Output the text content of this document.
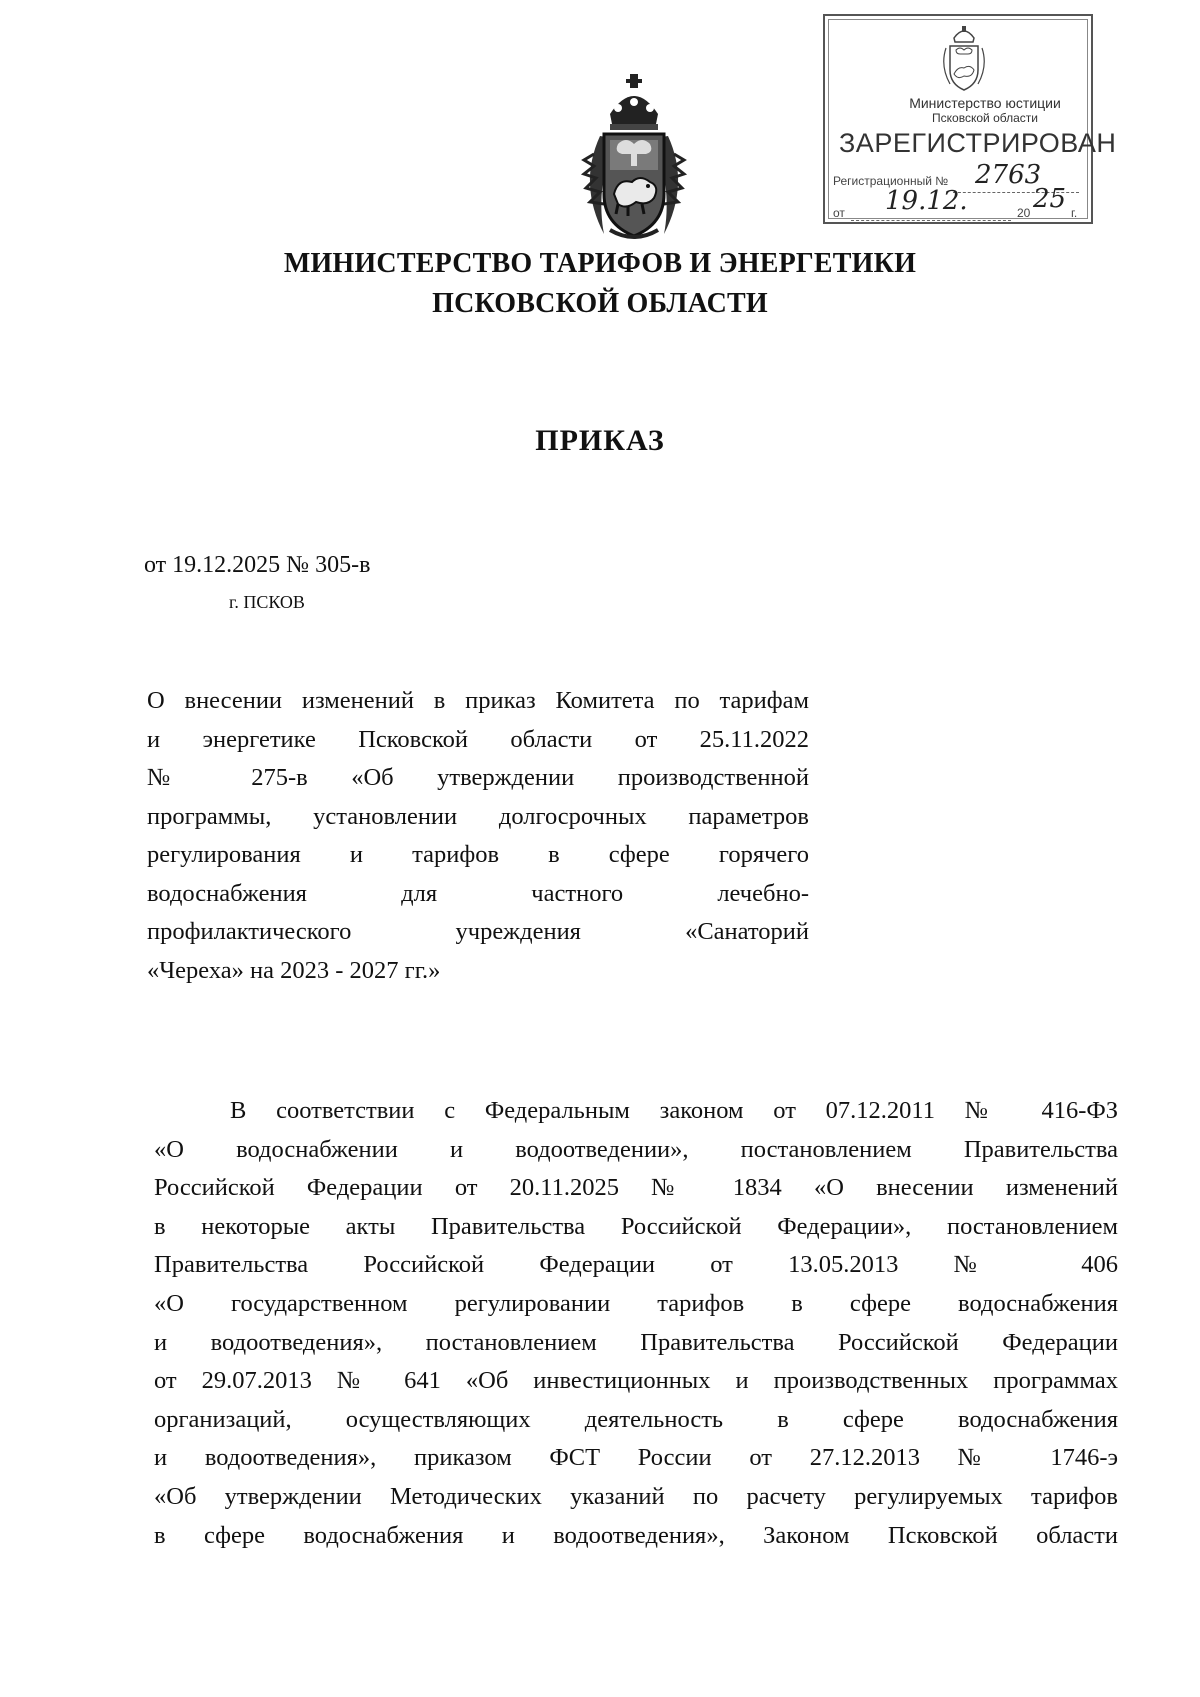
Министерство юстиции
Псковской области
ЗАРЕГИСТРИРОВАН
Регистрационный № 2763
от 19.12.	20 25 г.
МИНИСТЕРСТВО ТАРИФОВ И ЭНЕРГЕТИКИ
ПСКОВСКОЙ ОБЛАСТИ
ПРИКАЗ
от 19.12.2025 № 305-в
г. ПСКОВ
О внесении изменений в приказ Комитета по тарифам
и энергетике Псковской области от 25.11.2022
№ 275-в «Об утверждении производственной
программы, установлении долгосрочных параметров
регулирования и тарифов в сфере горячего
водоснабжения для частного лечебно-
профилактического учреждения «Санаторий
«Череха» на 2023 - 2027 гг.»
В соответствии с Федеральным законом от 07.12.2011 № 416-ФЗ
«О водоснабжении и водоотведении», постановлением Правительства
Российской Федерации от 20.11.2025 № 1834 «О внесении изменений
в некоторые акты Правительства Российской Федерации», постановлением
Правительства Российской Федерации от 13.05.2013 № 406
«О государственном регулировании тарифов в сфере водоснабжения
и водоотведения», постановлением Правительства Российской Федерации
от 29.07.2013 № 641 «Об инвестиционных и производственных программах
организаций, осуществляющих деятельность в сфере водоснабжения
и водоотведения», приказом ФСТ России от 27.12.2013 № 1746-э
«Об утверждении Методических указаний по расчету регулируемых тарифов
в сфере водоснабжения и водоотведения», Законом Псковской области
